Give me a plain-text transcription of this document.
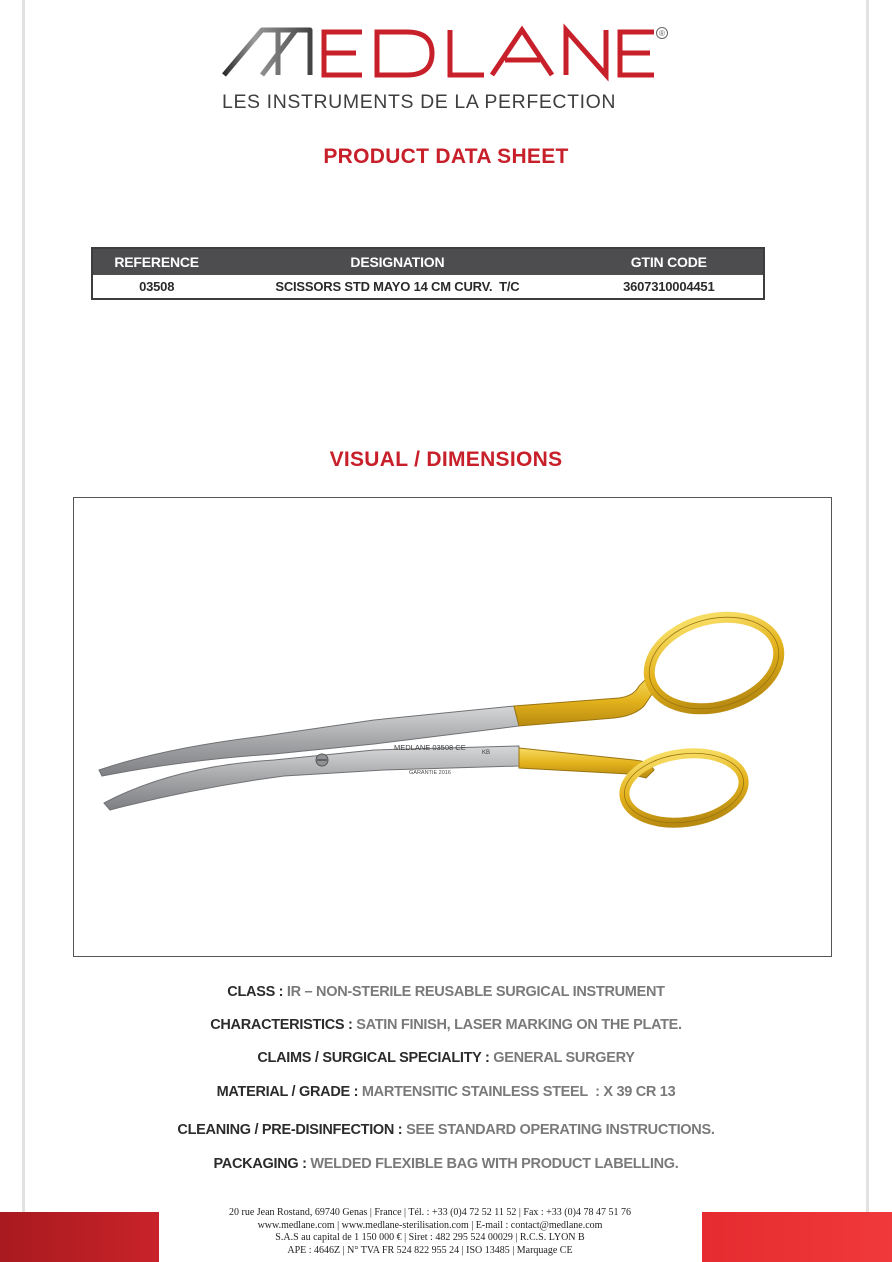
®
LES INSTRUMENTS DE LA PERFECTION
PRODUCT DATA SHEET
REFERENCE	DESIGNATION	GTIN CODE
03508	SCISSORS STD MAYO 14 CM CURV.  T/C	3607310004451
VISUAL / DIMENSIONS
MEDLANE 03508 CE
KB
GARANTIE 2016
CLASS : IR – NON-STERILE REUSABLE SURGICAL INSTRUMENT
CHARACTERISTICS : SATIN FINISH, LASER MARKING ON THE PLATE.
CLAIMS / SURGICAL SPECIALITY : GENERAL SURGERY
MATERIAL / GRADE : MARTENSITIC STAINLESS STEEL  : X 39 CR 13
CLEANING / PRE-DISINFECTION : SEE STANDARD OPERATING INSTRUCTIONS.
PACKAGING : WELDED FLEXIBLE BAG WITH PRODUCT LABELLING.
20 rue Jean Rostand, 69740 Genas | France | Tél. : +33 (0)4 72 52 11 52 | Fax : +33 (0)4 78 47 51 76
www.medlane.com | www.medlane-sterilisation.com | E-mail : contact@medlane.com
S.A.S au capital de 1 150 000 € | Siret : 482 295 524 00029 | R.C.S. LYON B
APE : 4646Z | N° TVA FR 524 822 955 24 | ISO 13485 | Marquage CE
